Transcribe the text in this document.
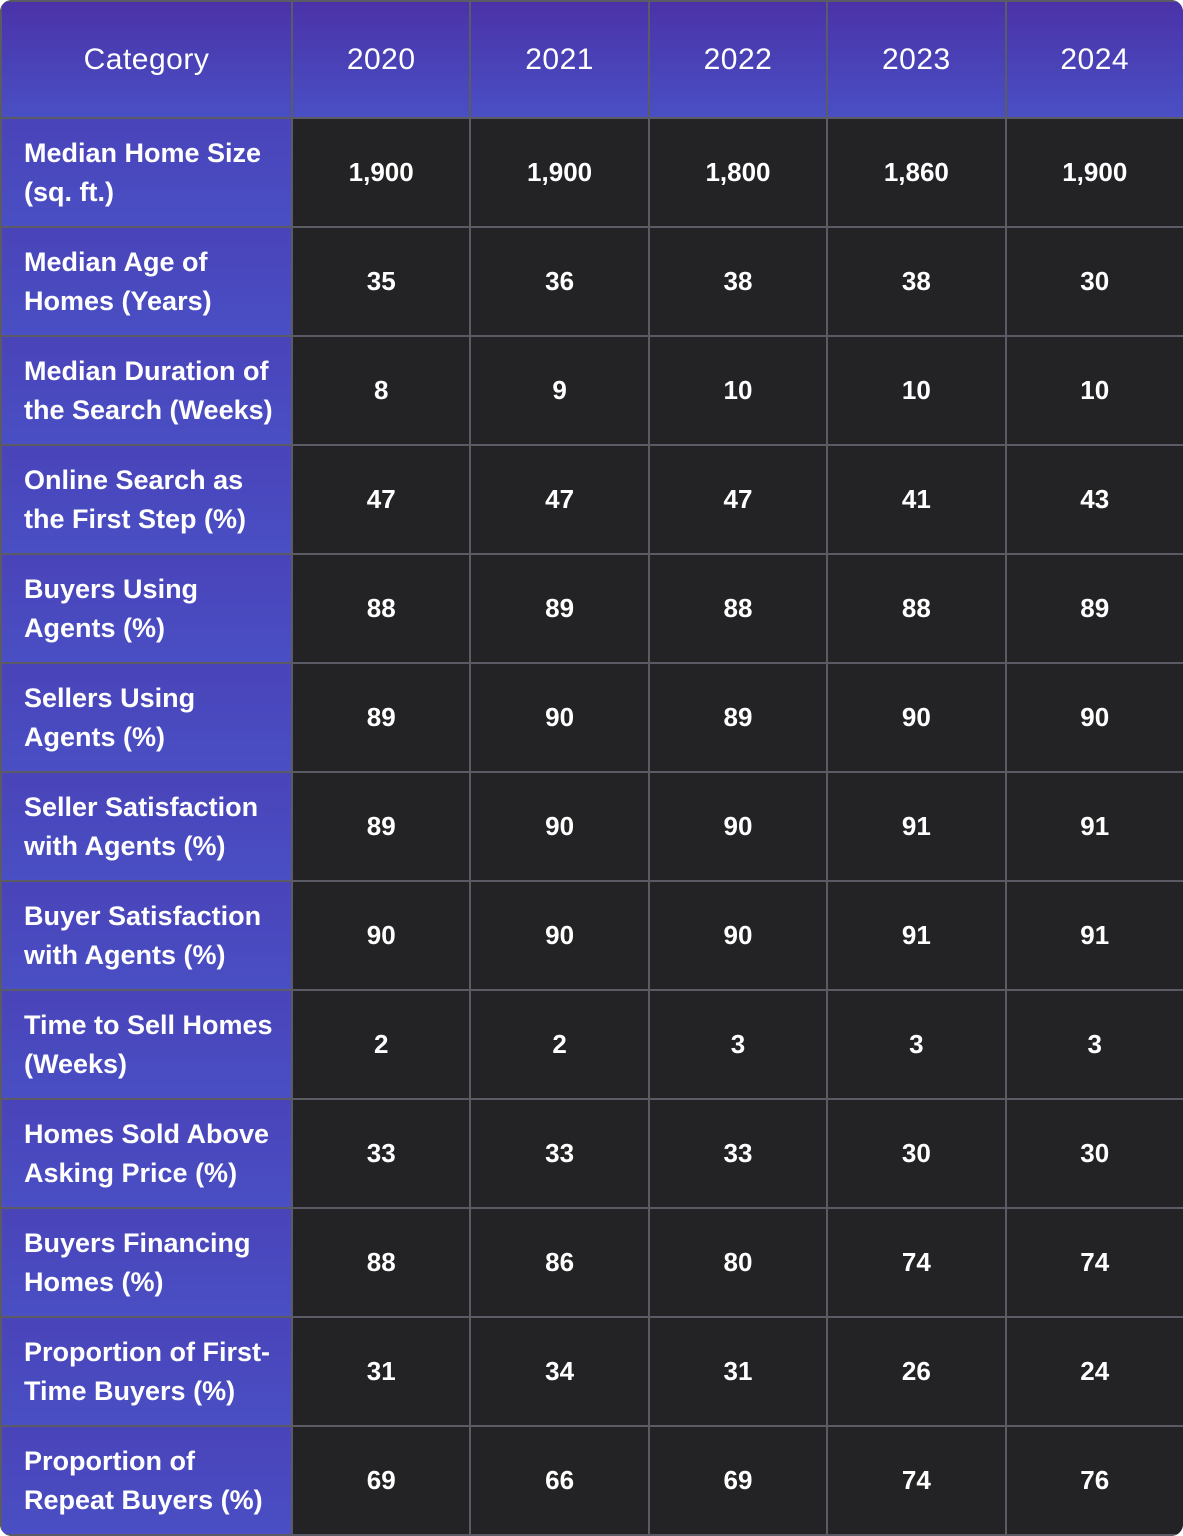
Category	2020	2021	2022	2023	2024
Median Home Size (sq. ft.)	1,900	1,900	1,800	1,860	1,900
Median Age of Homes (Years)	35	36	38	38	30
Median Duration of the Search (Weeks)	8	9	10	10	10
Online Search as the First Step (%)	47	47	47	41	43
Buyers Using Agents (%)	88	89	88	88	89
Sellers Using Agents (%)	89	90	89	90	90
Seller Satisfaction with Agents (%)	89	90	90	91	91
Buyer Satisfaction with Agents (%)	90	90	90	91	91
Time to Sell Homes (Weeks)	2	2	3	3	3
Homes Sold Above Asking Price (%)	33	33	33	30	30
Buyers Financing Homes (%)	88	86	80	74	74
Proportion of First-Time Buyers (%)	31	34	31	26	24
Proportion of Repeat Buyers (%)	69	66	69	74	76
